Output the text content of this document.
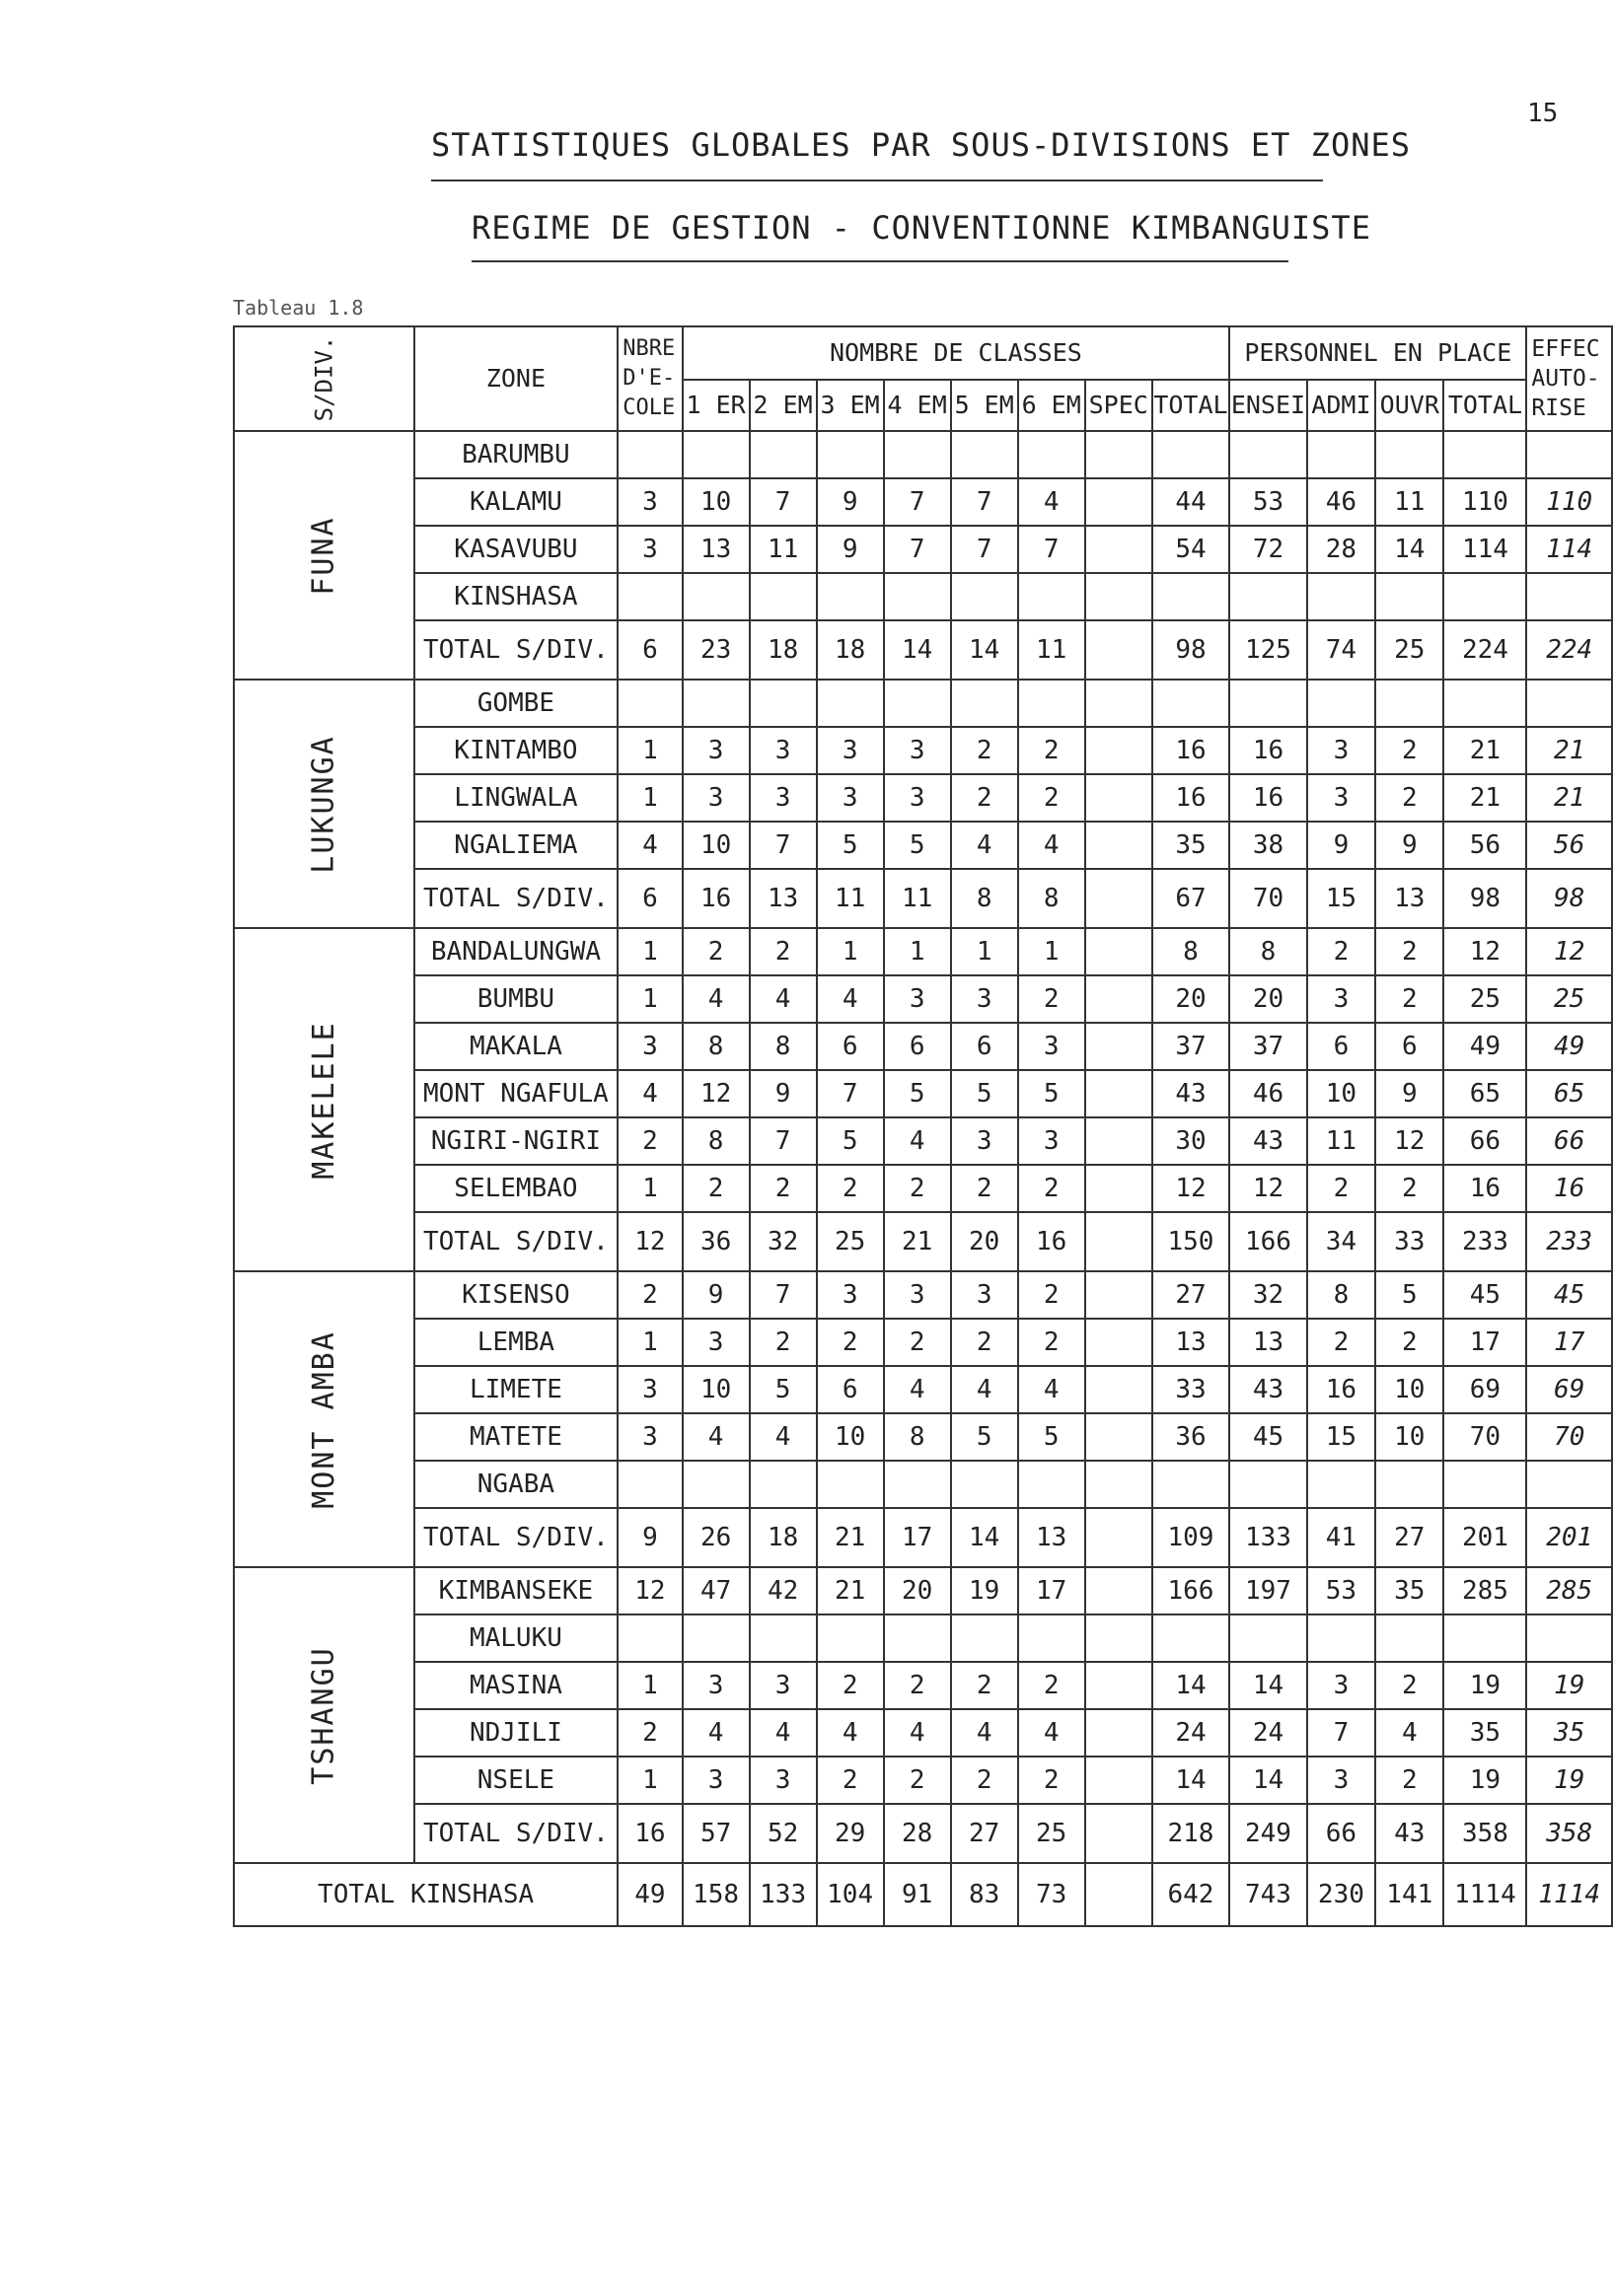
15
STATISTIQUES GLOBALES PAR SOUS-DIVISIONS ET ZONES
REGIME DE GESTION - CONVENTIONNE KIMBANGUISTE
Tableau 1.8
S/DIV.	ZONE	NBRE D'E-COLE	NOMBRE DE CLASSES								PERSONNEL EN PLACE				EFFEC AUTO-RISE
			1 ER	2 EM	3 EM	4 EM	5 EM	6 EM	SPEC	TOTAL	ENSEI	ADMI	OUVR	TOTAL	
FUNA	BARUMBU														
	KALAMU	3	10	7	9	7	7	4		44	53	46	11	110	110
	KASAVUBU	3	13	11	9	7	7	7		54	72	28	14	114	114
	KINSHASA														
	TOTAL S/DIV.	6	23	18	18	14	14	11		98	125	74	25	224	224
LUKUNGA	GOMBE														
	KINTAMBO	1	3	3	3	3	2	2		16	16	3	2	21	21
	LINGWALA	1	3	3	3	3	2	2		16	16	3	2	21	21
	NGALIEMA	4	10	7	5	5	4	4		35	38	9	9	56	56
	TOTAL S/DIV.	6	16	13	11	11	8	8		67	70	15	13	98	98
MAKELELE	BANDALUNGWA	1	2	2	1	1	1	1		8	8	2	2	12	12
	BUMBU	1	4	4	4	3	3	2		20	20	3	2	25	25
	MAKALA	3	8	8	6	6	6	3		37	37	6	6	49	49
	MONT NGAFULA	4	12	9	7	5	5	5		43	46	10	9	65	65
	NGIRI-NGIRI	2	8	7	5	4	3	3		30	43	11	12	66	66
	SELEMBAO	1	2	2	2	2	2	2		12	12	2	2	16	16
	TOTAL S/DIV.	12	36	32	25	21	20	16		150	166	34	33	233	233
MONT AMBA	KISENSO	2	9	7	3	3	3	2		27	32	8	5	45	45
	LEMBA	1	3	2	2	2	2	2		13	13	2	2	17	17
	LIMETE	3	10	5	6	4	4	4		33	43	16	10	69	69
	MATETE	3	4	4	10	8	5	5		36	45	15	10	70	70
	NGABA														
	TOTAL S/DIV.	9	26	18	21	17	14	13		109	133	41	27	201	201
TSHANGU	KIMBANSEKE	12	47	42	21	20	19	17		166	197	53	35	285	285
	MALUKU														
	MASINA	1	3	3	2	2	2	2		14	14	3	2	19	19
	NDJILI	2	4	4	4	4	4	4		24	24	7	4	35	35
	NSELE	1	3	3	2	2	2	2		14	14	3	2	19	19
	TOTAL S/DIV.	16	57	52	29	28	27	25		218	249	66	43	358	358
TOTAL KINSHASA		49	158	133	104	91	83	73		642	743	230	141	1114	1114
